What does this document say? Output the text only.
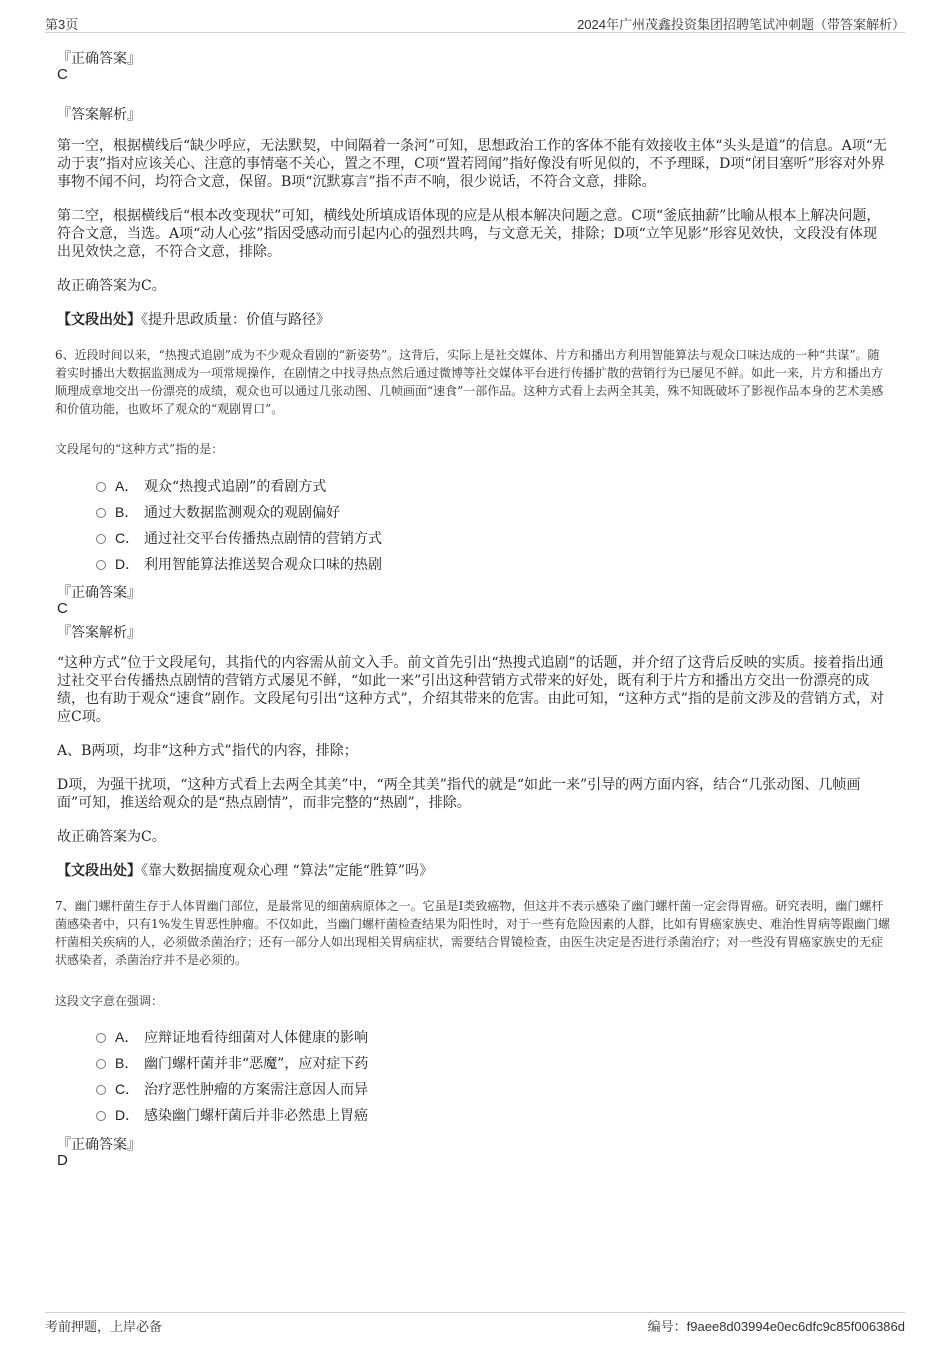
第3页	2024年广州茂鑫投资集团招聘笔试冲刺题（带答案解析）
『正确答案』
C
『答案解析』
第一空，根据横线后“缺少呼应，无法默契，中间隔着一条河”可知，思想政治工作的客体不能有效接收主体“头头是道”的信息。A项“无动于衷”指对应该关心、注意的事情毫不关心，置之不理，C项“置若罔闻”指好像没有听见似的，不予理睬，D项“闭目塞听”形容对外界事物不闻不问，均符合文意，保留。B项“沉默寡言”指不声不响，很少说话，不符合文意，排除。
第二空，根据横线后“根本改变现状”可知，横线处所填成语体现的应是从根本解决问题之意。C项“釜底抽薪”比喻从根本上解决问题，符合文意，当选。A项“动人心弦”指因受感动而引起内心的强烈共鸣，与文意无关，排除；D项“立竿见影”形容见效快，文段没有体现出见效快之意，不符合文意，排除。
故正确答案为C。
【文段出处】《提升思政质量：价值与路径》
6、近段时间以来，“热搜式追剧”成为不少观众看剧的“新姿势”。这背后，实际上是社交媒体、片方和播出方利用智能算法与观众口味达成的一种“共谋”。随着实时播出大数据监测成为一项常规操作，在剧情之中找寻热点然后通过微博等社交媒体平台进行传播扩散的营销行为已屡见不鲜。如此一来，片方和播出方顺理成章地交出一份漂亮的成绩，观众也可以通过几张动图、几帧画面“速食”一部作品。这种方式看上去两全其美，殊不知既破坏了影视作品本身的艺术美感和价值功能，也败坏了观众的“观剧胃口”。
文段尾句的“这种方式”指的是：
A． 观众“热搜式追剧”的看剧方式
B． 通过大数据监测观众的观剧偏好
C． 通过社交平台传播热点剧情的营销方式
D． 利用智能算法推送契合观众口味的热剧
『正确答案』
C
『答案解析』
“这种方式”位于文段尾句，其指代的内容需从前文入手。前文首先引出“热搜式追剧”的话题，并介绍了这背后反映的实质。接着指出通过社交平台传播热点剧情的营销方式屡见不鲜，“如此一来”引出这种营销方式带来的好处，既有利于片方和播出方交出一份漂亮的成绩，也有助于观众“速食”剧作。文段尾句引出“这种方式”，介绍其带来的危害。由此可知，“这种方式”指的是前文涉及的营销方式，对应C项。
A、B两项，均非“这种方式”指代的内容，排除；
D项，为强干扰项，“这种方式看上去两全其美”中，“两全其美”指代的就是“如此一来”引导的两方面内容，结合“几张动图、几帧画面”可知，推送给观众的是“热点剧情”，而非完整的“热剧”，排除。
故正确答案为C。
【文段出处】《靠大数据揣度观众心理 “算法”定能“胜算”吗》
7、幽门螺杆菌生存于人体胃幽门部位，是最常见的细菌病原体之一。它虽是Ⅰ类致癌物，但这并不表示感染了幽门螺杆菌一定会得胃癌。研究表明，幽门螺杆菌感染者中，只有1%发生胃恶性肿瘤。不仅如此，当幽门螺杆菌检查结果为阳性时，对于一些有危险因素的人群，比如有胃癌家族史、难治性胃病等跟幽门螺杆菌相关疾病的人，必须做杀菌治疗；还有一部分人如出现相关胃病症状，需要结合胃镜检查，由医生决定是否进行杀菌治疗；对一些没有胃癌家族史的无症状感染者，杀菌治疗并不是必须的。
这段文字意在强调：
A． 应辩证地看待细菌对人体健康的影响
B． 幽门螺杆菌并非“恶魔”，应对症下药
C． 治疗恶性肿瘤的方案需注意因人而异
D． 感染幽门螺杆菌后并非必然患上胃癌
『正确答案』
D
考前押题，上岸必备	编号：f9aee8d03994e0ec6dfc9c85f006386d
